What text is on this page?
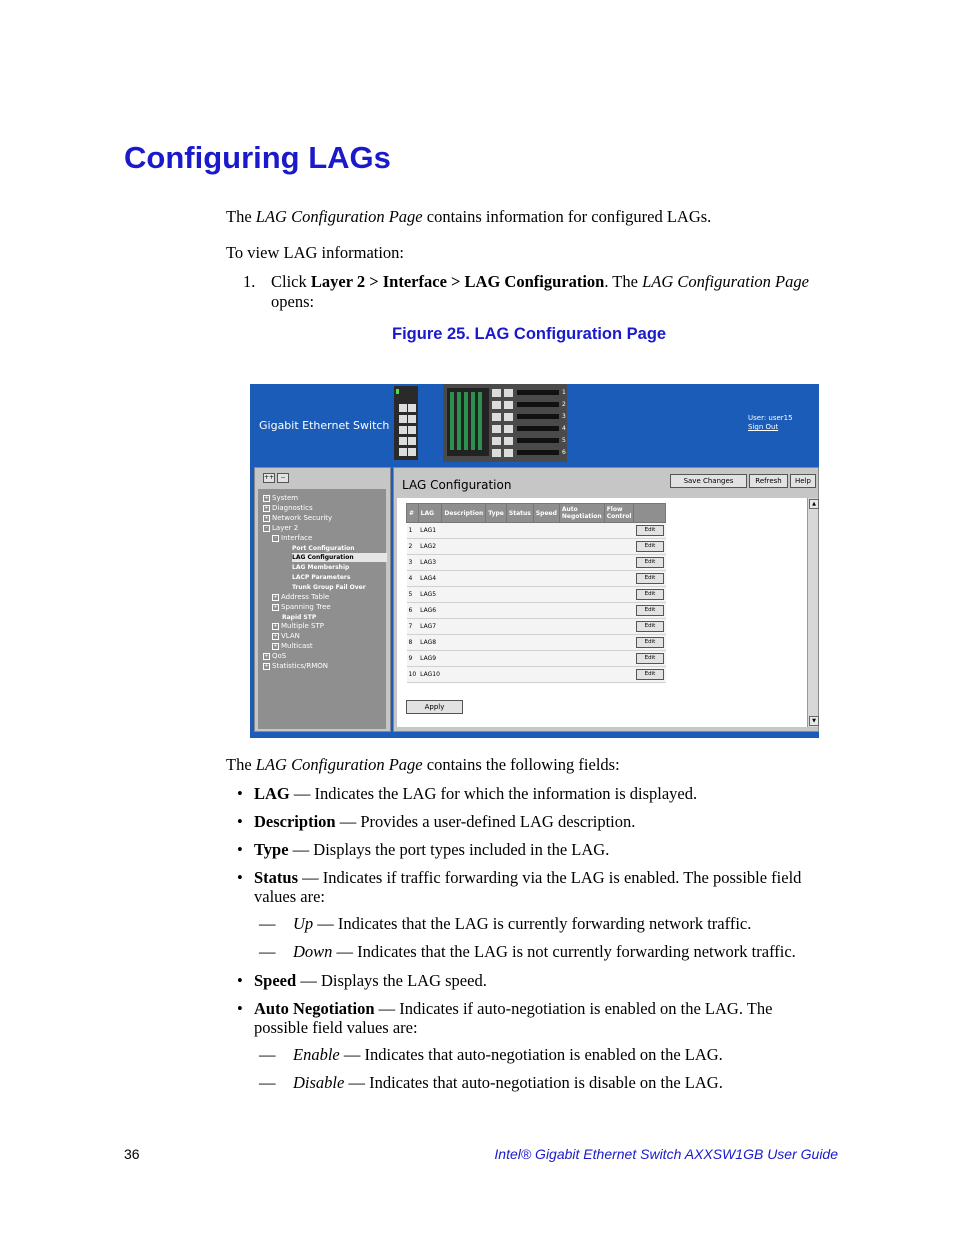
Configuring LAGs

The LAG Configuration Page contains information for configured LAGs.

To view LAG information:

1. Click Layer 2 > Interface > LAG Configuration. The LAG Configuration Page
opens:

Figure 25. LAG Configuration Page

Gigabit Ethernet Switch
1
2
3
4
5
6
User: user15
Sign Out
++	--
+ System
+ Diagnostics
+ Network Security
- Layer 2
- Interface
Port Configuration
LAG Configuration
LAG Membership
LACP Parameters
Trunk Group Fail Over
+ Address Table
+ Spanning Tree
Rapid STP
+ Multiple STP
+ VLAN
+ Multicast
+ QoS
+ Statistics/RMON
LAG Configuration	Save Changes	Refresh	Help
#	LAG	Description	Type	Status	Speed	Auto Negotiation	Flow Control	
1	LAG1							Edit
2	LAG2							Edit
3	LAG3							Edit
4	LAG4							Edit
5	LAG5							Edit
6	LAG6							Edit
7	LAG7							Edit
8	LAG8							Edit
9	LAG9							Edit
10	LAG10							Edit
Apply
▲
▼

The LAG Configuration Page contains the following fields:

• LAG — Indicates the LAG for which the information is displayed.
• Description — Provides a user-defined LAG description.
• Type — Displays the port types included in the LAG.
• Status — Indicates if traffic forwarding via the LAG is enabled. The possible field values are:
— Up — Indicates that the LAG is currently forwarding network traffic.
— Down — Indicates that the LAG is not currently forwarding network traffic.
• Speed — Displays the LAG speed.
• Auto Negotiation — Indicates if auto-negotiation is enabled on the LAG. The possible field values are:
— Enable — Indicates that auto-negotiation is enabled on the LAG.
— Disable — Indicates that auto-negotiation is disable on the LAG.
36	Intel® Gigabit Ethernet Switch AXXSW1GB User Guide
